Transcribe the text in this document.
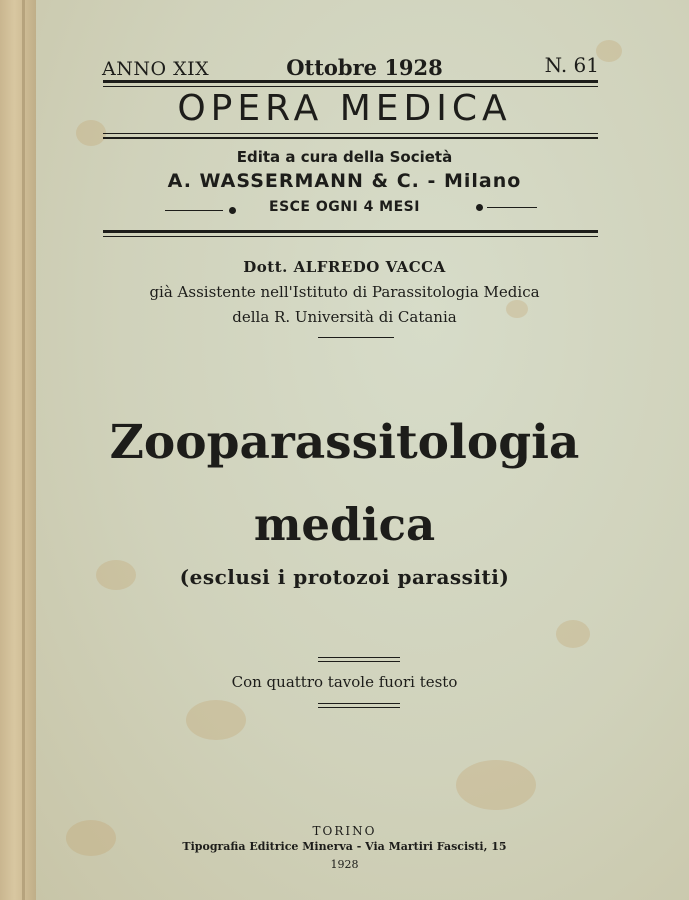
ANNO XIX	Ottobre 1928	N. 61
OPERA MEDICA
Edita a cura della Società
A. WASSERMANN & C. - Milano
ESCE OGNI 4 MESI
Dott. ALFREDO VACCA
già Assistente nell'Istituto di Parassitologia Medica
della R. Università di Catania
Zooparassitologia
medica
(esclusi i protozoi parassiti)
Con quattro tavole fuori testo
TORINO
Tipografia Editrice Minerva - Via Martiri Fascisti, 15
1928
